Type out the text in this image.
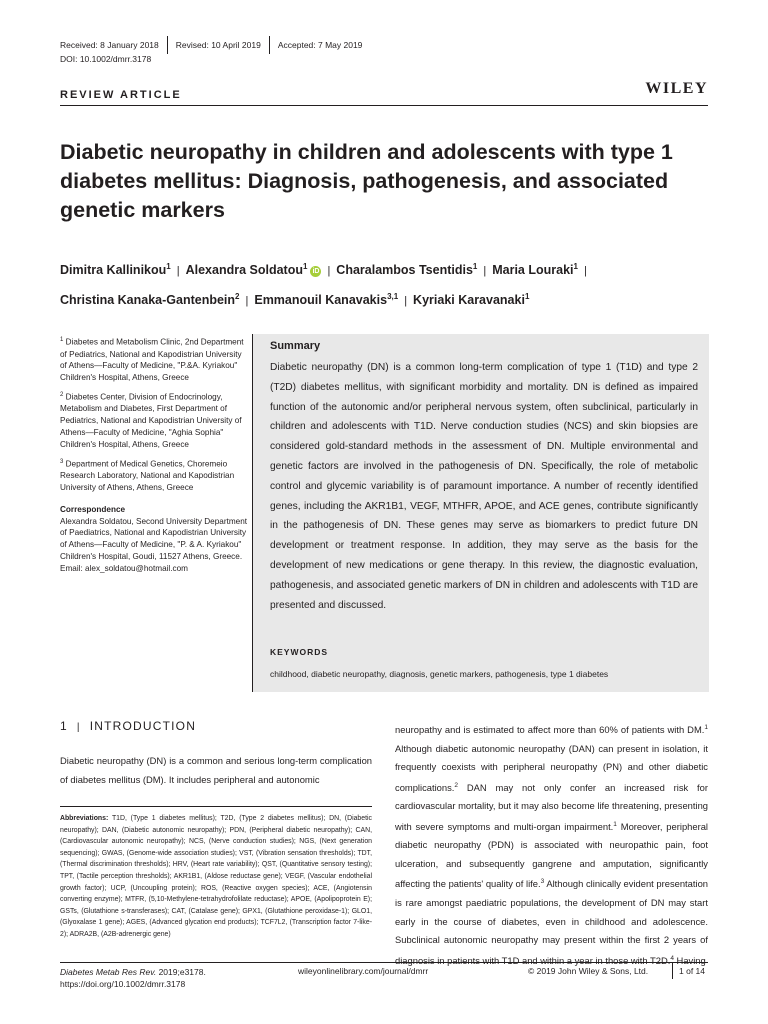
Received: 8 January 2018 Revised: 10 April 2019 Accepted: 7 May 2019
DOI: 10.1002/dmrr.3178
REVIEW ARTICLE	WILEY
Diabetic neuropathy in children and adolescents with type 1 diabetes mellitus: Diagnosis, pathogenesis, and associated genetic markers

Dimitra Kallinikou$^1$ | Alexandra Soldatou$^1$iD | Charalambos Tsentidis$^1$ | Maria Louraki$^1$ |
Christina Kanaka-Gantenbein$^2$ | Emmanouil Kanavakis$^{3,1}$ | Kyriaki Karavanaki$^1$

$^1$ Diabetes and Metabolism Clinic, 2nd Department of Pediatrics, National and Kapodistrian University of Athens—Faculty of Medicine, "P.&A. Kyriakou" Children's Hospital, Athens, Greece

$^2$ Diabetes Center, Division of Endocrinology, Metabolism and Diabetes, First Department of Pediatrics, National and Kapodistrian University of Athens—Faculty of Medicine, "Aghia Sophia" Children's Hospital, Athens, Greece

$^3$ Department of Medical Genetics, Choremeio Research Laboratory, National and Kapodistrian University of Athens, Athens, Greece

Correspondence
Alexandra Soldatou, Second University Department of Paediatrics, National and Kapodistrian University of Athens—Faculty of Medicine, "P. & A. Kyriakou" Children's Hospital, Goudi, 11527 Athens, Greece.
Email: alex_soldatou@hotmail.com
Summary

Diabetic neuropathy (DN) is a common long-term complication of type 1 (T1D) and type 2 (T2D) diabetes mellitus, with significant morbidity and mortality. DN is defined as impaired function of the autonomic and/or peripheral nervous system, often subclinical, particularly in children and adolescents with T1D. Nerve conduction studies (NCS) and skin biopsies are considered gold-standard methods in the assessment of DN. Multiple environmental and genetic factors are involved in the pathogenesis of DN. Specifically, the role of metabolic control and glycemic variability is of paramount importance. A number of recently identified genes, including the AKR1B1, VEGF, MTHFR, APOE, and ACE genes, contribute significantly in the pathogenesis of DN. These genes may serve as biomarkers to predict future DN development or treatment response. In addition, they may serve as the basis for the development of new medications or gene therapy. In this review, the diagnostic evaluation, pathogenesis, and associated genetic markers of DN in children and adolescents with T1D are presented and discussed.

KEYWORDS
childhood, diabetic neuropathy, diagnosis, genetic markers, pathogenesis, type 1 diabetes
1 | INTRODUCTION

Diabetic neuropathy (DN) is a common and serious long-term complication of diabetes mellitus (DM). It includes peripheral and autonomic

Abbreviations: T1D, (Type 1 diabetes mellitus); T2D, (Type 2 diabetes mellitus); DN, (Diabetic neuropathy); DAN, (Diabetic autonomic neuropathy); PDN, (Peripheral diabetic neuropathy); CAN, (Cardiovascular autonomic neuropathy); NCS, (Nerve conduction studies); NGS, (Next generation sequencing); GWAS, (Genome-wide association studies); VST, (Vibration sensation thresholds); TDT, (Thermal discrimination thresholds); HRV, (Heart rate variability); QST, (Quantitative sensory testing); TPT, (Tactile perception thresholds); AKR1B1, (Aldose reductase gene); VEGF, (Vascular endothelial growth factor); UCP, (Uncoupling protein); ROS, (Reactive oxygen species); ACE, (Angiotensin converting enzyme); MTFR, (5,10-Methylene-tetrahydrofolilate reductase); APOE, (Apolipoprotein E); GSTs, (Glutathione s-transferases); CAT, (Catalase gene); GPX1, (Glutathione peroxidase-1); GLO1, (Glyoxalase 1 gene); AGES, (Advanced glycation end products); TCF7L2, (Transcription factor 7-like-2); ADRA2B, (A2B-adrenergic gene)

neuropathy and is estimated to affect more than 60% of patients with DM.$^1$ Although diabetic autonomic neuropathy (DAN) can present in isolation, it frequently coexists with peripheral neuropathy (PN) and other diabetic complications.$^2$ DAN may not only confer an increased risk for cardiovascular mortality, but it may also become life threatening, presenting with severe symptoms and multi-organ impairment.$^1$ Moreover, peripheral diabetic neuropathy (PDN) is associated with neuropathic pain, foot ulceration, and subsequently gangrene and amputation, significantly affecting the patients' quality of life.$^3$ Although clinically evident presentation is rare amongst paediatric populations, the development of DN may start early in the course of diabetes, even in childhood and adolescence. Subclinical autonomic neuropathy may present within the first 2 years of diagnosis in patients with T1D and within a year in those with T2D.$^4$ Having

Diabetes Metab Res Rev. 2019;e3178.
https://doi.org/10.1002/dmrr.3178
wileyonlinelibrary.com/journal/dmrr	© 2019 John Wiley & Sons, Ltd.	1 of 14
